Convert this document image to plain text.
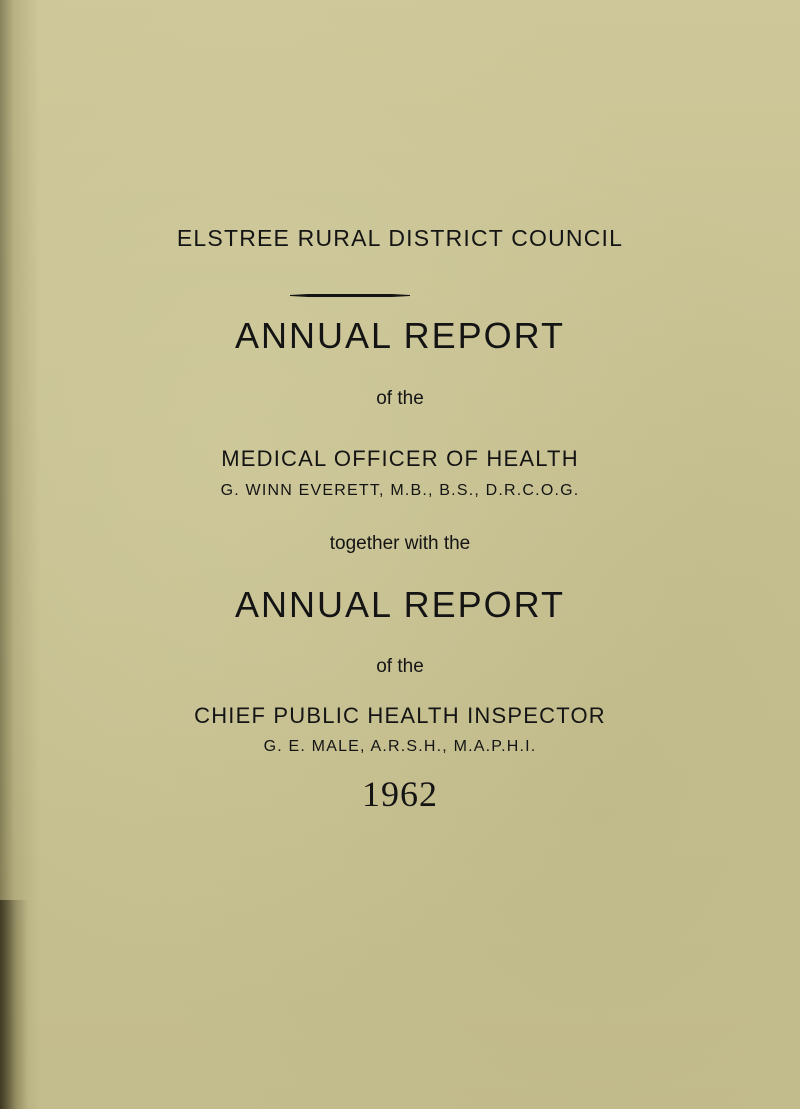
ELSTREE RURAL DISTRICT COUNCIL
ANNUAL REPORT
of the
MEDICAL OFFICER OF HEALTH
G. WINN EVERETT, M.B., B.S., D.R.C.O.G.
together with the
ANNUAL REPORT
of the
CHIEF PUBLIC HEALTH INSPECTOR
G. E. MALE, A.R.S.H., M.A.P.H.I.
1962
